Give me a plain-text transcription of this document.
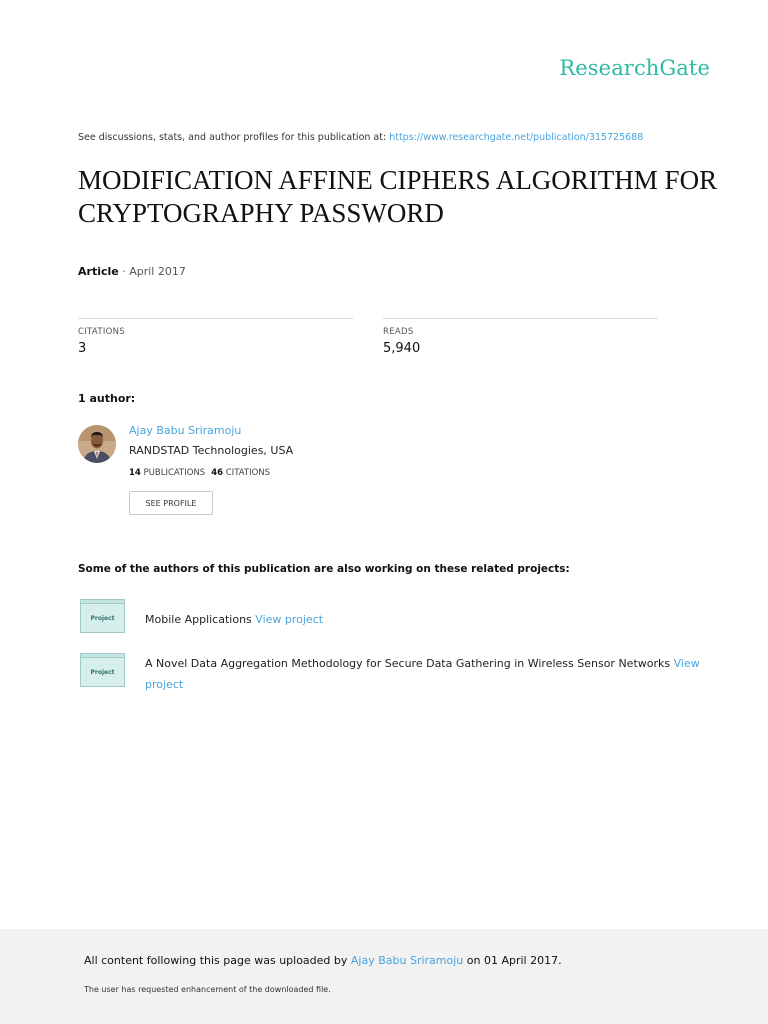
ResearchGate
See discussions, stats, and author profiles for this publication at: https://www.researchgate.net/publication/315725688
MODIFICATION AFFINE CIPHERS ALGORITHM FOR CRYPTOGRAPHY PASSWORD
Article · April 2017
CITATIONS
3
READS
5,940
1 author:
Ajay Babu Sriramoju
RANDSTAD Technologies, USA
14 PUBLICATIONS 46 CITATIONS
SEE PROFILE
Some of the authors of this publication are also working on these related projects:
Project	Mobile Applications View project
Project
A Novel Data Aggregation Methodology for Secure Data Gathering in Wireless Sensor Networks View project
All content following this page was uploaded by Ajay Babu Sriramoju on 01 April 2017.
The user has requested enhancement of the downloaded file.
